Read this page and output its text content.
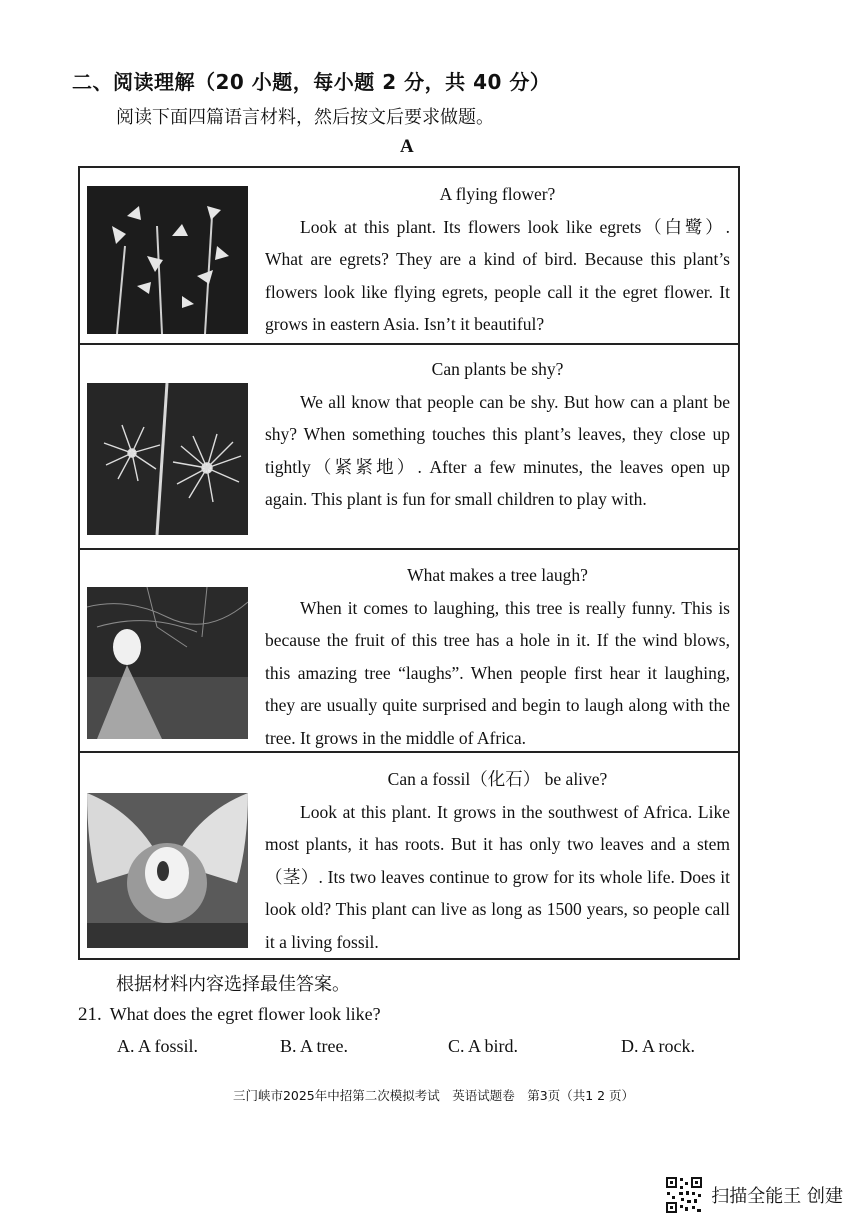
二、阅读理解（20 小题，每小题 2 分，共 40 分）
阅读下面四篇语言材料，然后按文后要求做题。
A
A flying flower?
Look at this plant. Its flowers look like egrets（白鹭）. What are egrets? They are a kind of bird. Because this plant’s flowers look like flying egrets, people call it the egret flower. It grows in eastern Asia. Isn’t it beautiful?
Can plants be shy?
We all know that people can be shy. But how can a plant be shy? When something touches this plant’s leaves, they close up tightly（紧紧地）. After a few minutes, the leaves open up again. This plant is fun for small children to play with.
What makes a tree laugh?
When it comes to laughing, this tree is really funny. This is because the fruit of this tree has a hole in it. If the wind blows, this amazing tree “laughs”. When people first hear it laughing, they are usually quite surprised and begin to laugh along with the tree. It grows in the middle of Africa.
Can a fossil（化石） be alive?
Look at this plant. It grows in the southwest of Africa. Like most plants, it has roots. But it has only two leaves and a stem（茎）. Its two leaves continue to grow for its whole life. Does it look old? This plant can live as long as 1500 years, so people call it a living fossil.
根据材料内容选择最佳答案。
21. What does the egret flower look like?
A. A fossil.	B. A tree.	C. A bird.	D. A rock.
三门峡市2025年中招第二次模拟考试　英语试题卷　第3页（共1 2 页）
扫描全能王 创建
